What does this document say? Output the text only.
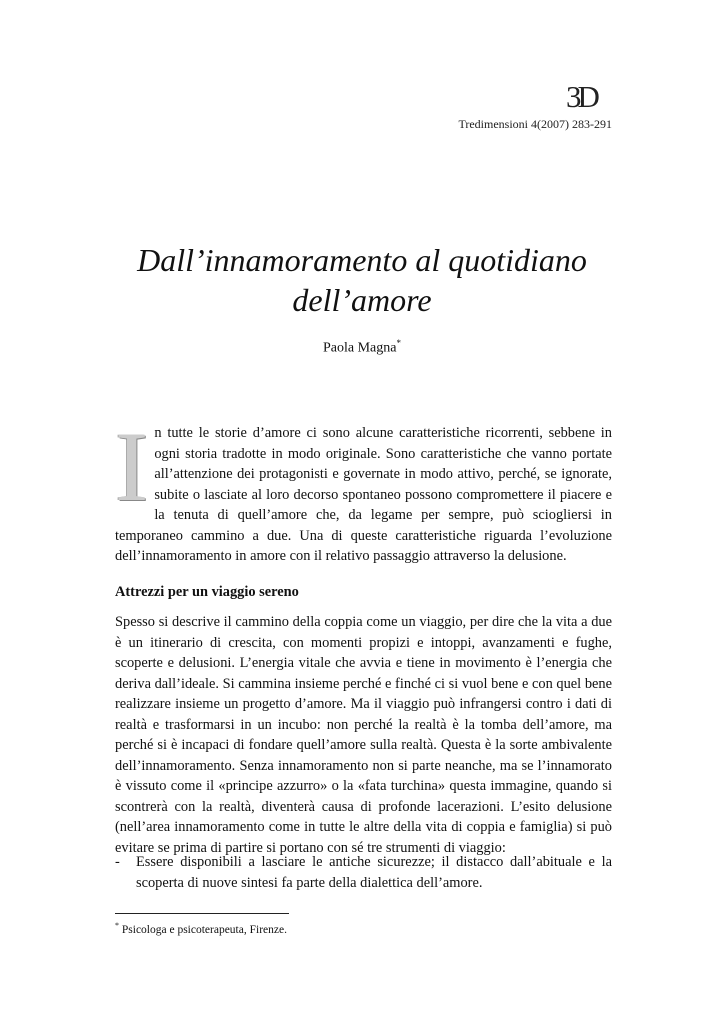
3D
Tredimensioni 4(2007) 283-291
Dall’innamoramento al quotidiano
dell’amore
Paola Magna*
I n tutte le storie d’amore ci sono alcune caratteristiche ricorrenti, sebbene in ogni storia tradotte in modo originale. Sono caratteristiche che vanno portate all’attenzione dei protagonisti e governate in modo attivo, perché, se ignorate, subite o lasciate al loro decorso spontaneo possono compromettere il piacere e la tenuta di quell’amore che, da legame per sempre, può sciogliersi in temporaneo cammino a due. Una di queste caratteristiche riguarda l’evoluzione dell’innamoramento in amore con il relativo passaggio attraverso la delusione.
Attrezzi per un viaggio sereno
Spesso si descrive il cammino della coppia come un viaggio, per dire che la vita a due è un itinerario di crescita, con momenti propizi e intoppi, avanzamenti e fughe, scoperte e delusioni. L’energia vitale che avvia e tiene in movimento è l’energia che deriva dall’ideale. Si cammina insieme perché e finché ci si vuol bene e con quel bene realizzare insieme un progetto d’amore. Ma il viaggio può infrangersi contro i dati di realtà e trasformarsi in un incubo: non perché la realtà è la tomba dell’amore, ma perché si è incapaci di fondare quell’amore sulla realtà. Questa è la sorte ambivalente dell’innamoramento. Senza innamoramento non si parte neanche, ma se l’innamorato è vissuto come il «principe azzurro» o la «fata turchina» questa immagine, quando si scontrerà con la realtà, diventerà causa di profonde lacerazioni. L’esito delusione (nell’area innamoramento come in tutte le altre della vita di coppia e famiglia) si può evitare se prima di partire si portano con sé tre strumenti di viaggio:
- Essere disponibili a lasciare le antiche sicurezze; il distacco dall’abituale e la scoperta di nuove sintesi fa parte della dialettica dell’amore.
* Psicologa e psicoterapeuta, Firenze.
